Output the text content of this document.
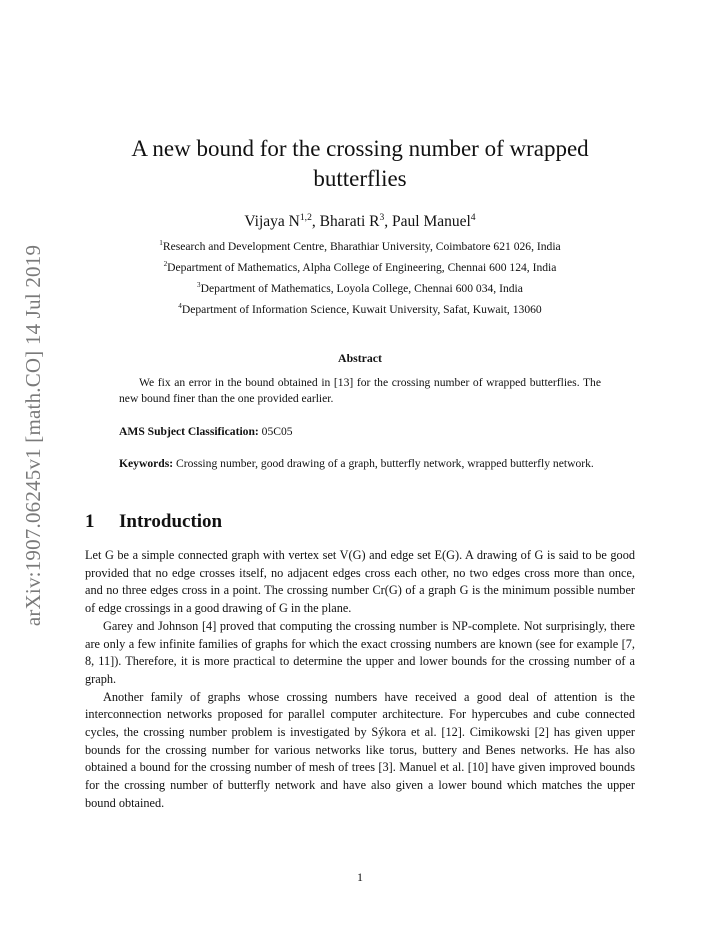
arXiv:1907.06245v1 [math.CO] 14 Jul 2019
A new bound for the crossing number of wrapped butterflies
Vijaya N$^{1,2}$, Bharati $R^3$, Paul Manuel$^4$
$^1$Research and Development Centre, Bharathiar University, Coimbatore 621 026, India
$^2$Department of Mathematics, Alpha College of Engineering, Chennai 600 124, India
$^3$Department of Mathematics, Loyola College, Chennai 600 034, India
$^4$Department of Information Science, Kuwait University, Safat, Kuwait, 13060
Abstract
We fix an error in the bound obtained in [13] for the crossing number of wrapped butterflies. The new bound finer than the one provided earlier.
AMS Subject Classification: 05C05
Keywords: Crossing number, good drawing of a graph, butterfly network, wrapped butterfly network.
1 Introduction

Let G be a simple connected graph with vertex set V(G) and edge set E(G). A drawing of G is said to be good provided that no edge crosses itself, no adjacent edges cross each other, no two edges cross more than once, and no three edges cross in a point. The crossing number Cr(G) of a graph G is the minimum possible number of edge crossings in a good drawing of G in the plane.

Garey and Johnson [4] proved that computing the crossing number is NP-complete. Not surprisingly, there are only a few infinite families of graphs for which the exact crossing numbers are known (see for example [7, 8, 11]). Therefore, it is more practical to determine the upper and lower bounds for the crossing number of a graph.

Another family of graphs whose crossing numbers have received a good deal of attention is the interconnection networks proposed for parallel computer architecture. For hypercubes and cube connected cycles, the crossing number problem is investigated by Sýkora et al. [12]. Cimikowski [2] has given upper bounds for the crossing number for various networks like torus, buttery and Benes networks. He has also obtained a bound for the crossing number of mesh of trees [3]. Manuel et al. [10] have given improved bounds for the crossing number of butterfly network and have also given a lower bound which matches the upper bound obtained.

1
